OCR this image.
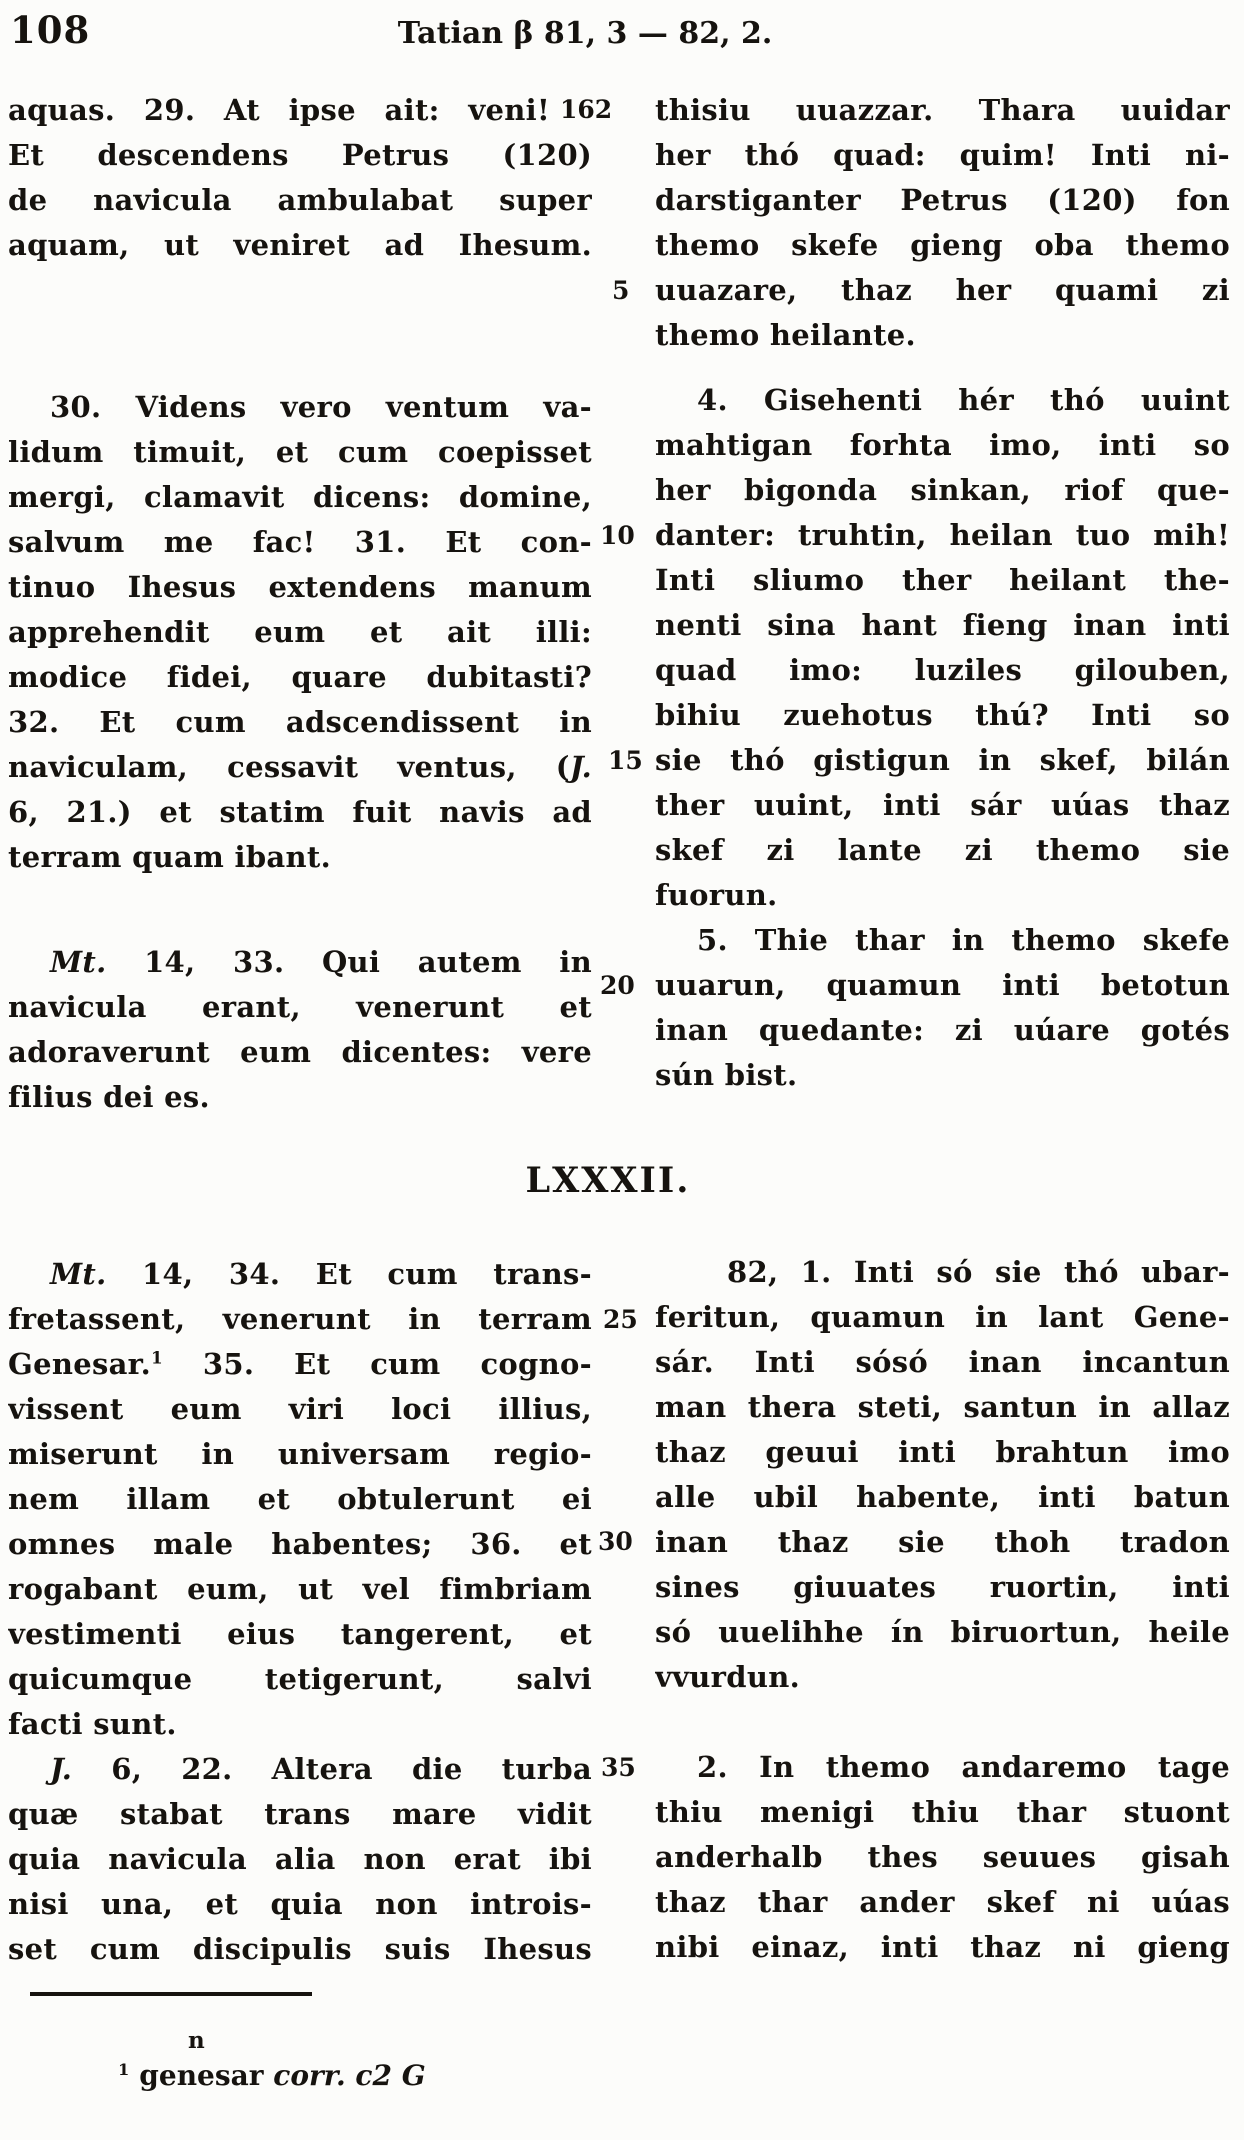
108	Tatian β 81, 3 — 82, 2.
162
5
10
15
20
25
30
35
aquas. 29. At ipse ait: veni!
Et descendens Petrus (120)
de navicula ambulabat super
aquam, ut veniret ad Ihesum.
30. Videns vero ventum va-
lidum timuit, et cum coepisset
mergi, clamavit dicens: domine,
salvum me fac! 31. Et con-
tinuo Ihesus extendens manum
apprehendit eum et ait illi:
modice fidei, quare dubitasti?
32. Et cum adscendissent in
naviculam, cessavit ventus, (J.
6, 21.) et statim fuit navis ad
terram quam ibant.
Mt. 14, 33. Qui autem in
navicula erant, venerunt et
adoraverunt eum dicentes: vere
filius dei es.
thisiu uuazzar. Thara uuidar
her thó quad: quim! Inti ni-
darstiganter Petrus (120) fon
themo skefe gieng oba themo
uuazare, thaz her quami zi
themo heilante.
4. Gisehenti hér thó uuint
mahtigan forhta imo, inti so
her bigonda sinkan, riof que-
danter: truhtin, heilan tuo mih!
Inti sliumo ther heilant the-
nenti sina hant fieng inan inti
quad imo: luziles gilouben,
bihiu zuehotus thú? Inti so
sie thó gistigun in skef, bilán
ther uuint, inti sár uúas thaz
skef zi lante zi themo sie
fuorun.
5. Thie thar in themo skefe
uuarun, quamun inti betotun
inan quedante: zi uúare gotés
sún bist.
LXXXII.
Mt. 14, 34. Et cum trans-
fretassent, venerunt in terram
Genesar.$^1$ 35. Et cum cogno-
vissent eum viri loci illius,
miserunt in universam regio-
nem illam et obtulerunt ei
omnes male habentes; 36. et
rogabant eum, ut vel fimbriam
vestimenti eius tangerent, et
quicumque tetigerunt, salvi
facti sunt.
J. 6, 22. Altera die turba
quæ stabat trans mare vidit
quia navicula alia non erat ibi
nisi una, et quia non introis-
set cum discipulis suis Ihesus
82, 1. Inti só sie thó ubar-
feritun, quamun in lant Gene-
sár. Inti sósó inan incantun
man thera steti, santun in allaz
thaz geuui inti brahtun imo
alle ubil habente, inti batun
inan thaz sie thoh tradon
sines giuuates ruortin, inti
só uuelihhe ín biruortun, heile
vvurdun.
2. In themo andaremo tage
thiu menigi thiu thar stuont
anderhalb thes seuues gisah
thaz thar ander skef ni uúas
nibi einaz, inti thaz ni gieng
n
$^1$ genesar corr. c2 G
